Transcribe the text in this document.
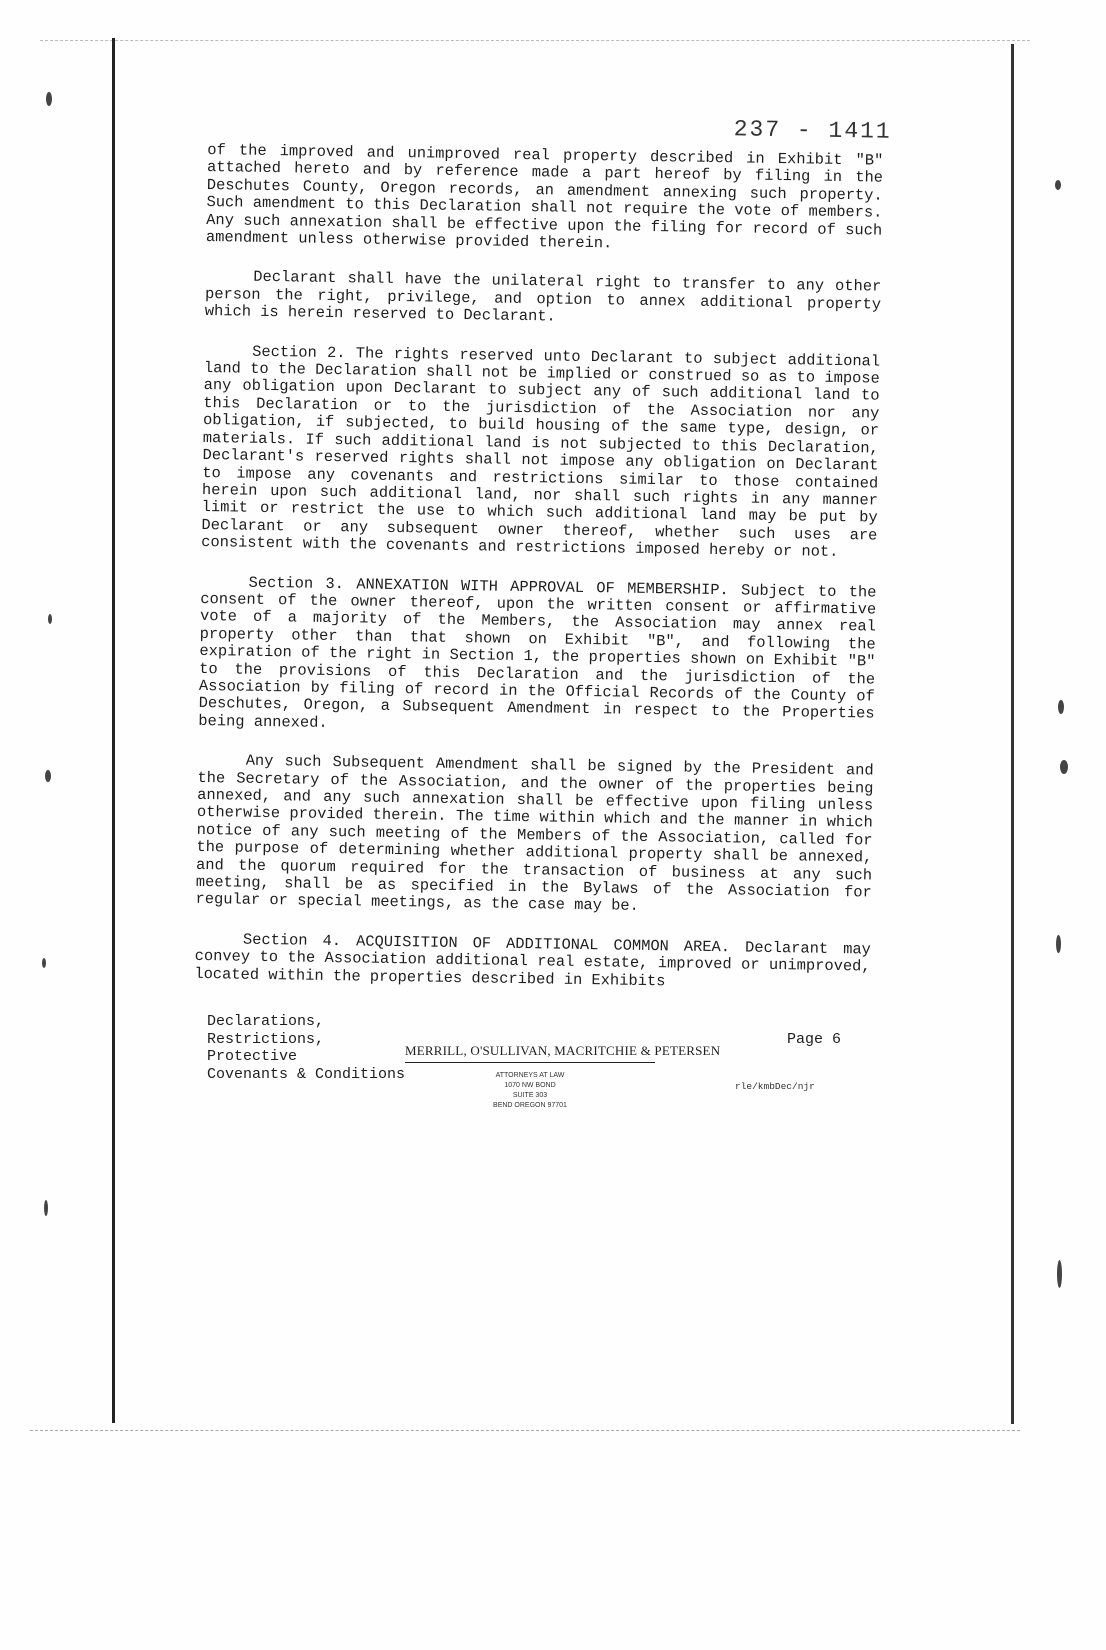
237 - 1411

of the improved and unimproved real property described in Exhibit "B" attached hereto and by reference made a part hereof by filing in the Deschutes County, Oregon records, an amendment annexing such property. Such amendment to this Declaration shall not require the vote of members. Any such annexation shall be effective upon the filing for record of such amendment unless otherwise provided therein.

Declarant shall have the unilateral right to transfer to any other person the right, privilege, and option to annex additional property which is herein reserved to Declarant.

Section 2. The rights reserved unto Declarant to subject additional land to the Declaration shall not be implied or construed so as to impose any obligation upon Declarant to subject any of such additional land to this Declaration or to the jurisdiction of the Association nor any obligation, if subjected, to build housing of the same type, design, or materials. If such additional land is not subjected to this Declaration, Declarant's reserved rights shall not impose any obligation on Declarant to impose any covenants and restrictions similar to those contained herein upon such additional land, nor shall such rights in any manner limit or restrict the use to which such additional land may be put by Declarant or any subsequent owner thereof, whether such uses are consistent with the covenants and restrictions imposed hereby or not.

Section 3. ANNEXATION WITH APPROVAL OF MEMBERSHIP. Subject to the consent of the owner thereof, upon the written consent or affirmative vote of a majority of the Members, the Association may annex real property other than that shown on Exhibit "B", and following the expiration of the right in Section 1, the properties shown on Exhibit "B" to the provisions of this Declaration and the jurisdiction of the Association by filing of record in the Official Records of the County of Deschutes, Oregon, a Subsequent Amendment in respect to the Properties being annexed.

Any such Subsequent Amendment shall be signed by the President and the Secretary of the Association, and the owner of the properties being annexed, and any such annexation shall be effective upon filing unless otherwise provided therein. The time within which and the manner in which notice of any such meeting of the Members of the Association, called for the purpose of determining whether additional property shall be annexed, and the quorum required for the transaction of business at any such meeting, shall be as specified in the Bylaws of the Association for regular or special meetings, as the case may be.

Section 4. ACQUISITION OF ADDITIONAL COMMON AREA. Declarant may convey to the Association additional real estate, improved or unimproved, located within the properties described in Exhibits

Declarations,
Restrictions,
Protective
Covenants & Conditions
MERRILL, O'SULLIVAN, MACRITCHIE & PETERSEN
ATTORNEYS AT LAW
1070 NW BOND
SUITE 303
BEND OREGON 97701
Page 6
rle/kmbDec/njr
